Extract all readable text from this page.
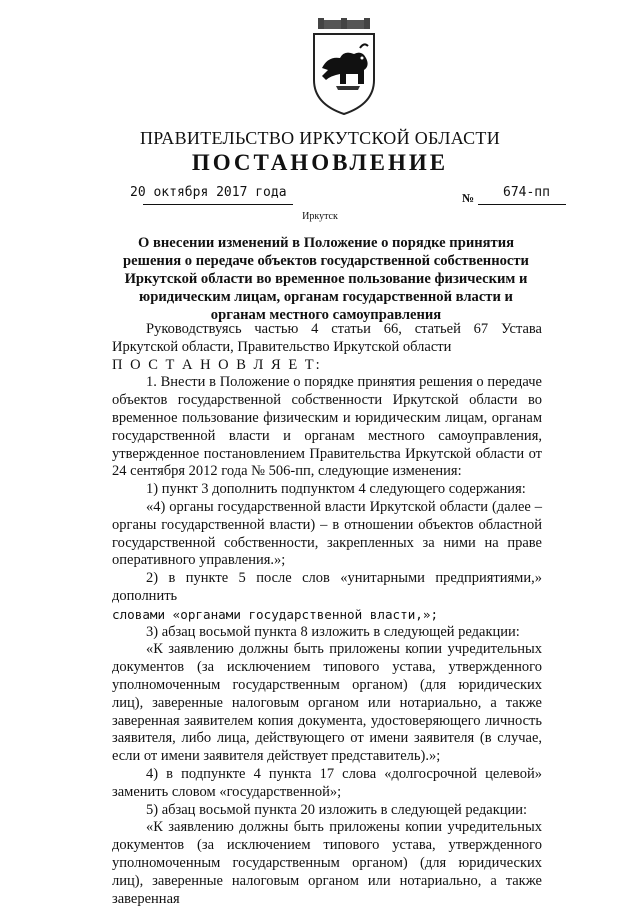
ПРАВИТЕЛЬСТВО ИРКУТСКОЙ ОБЛАСТИ
ПОСТАНОВЛЕНИЕ
20 октября 2017 года	№ 674-пп
Иркутск
О внесении изменений в Положение о порядке принятия решения о передаче объектов государственной собственности Иркутской области во временное пользование физическим и юридическим лицам, органам государственной власти и органам местного самоуправления

Руководствуясь частью 4 статьи 66, статьей 67 Устава Иркутской области, Правительство Иркутской области

П О С Т А Н О В Л Я Е Т:

1. Внести в Положение о порядке принятия решения о передаче объектов государственной собственности Иркутской области во временное пользование физическим и юридическим лицам, органам государственной власти и органам местного самоуправления, утвержденное постановлением Правительства Иркутской области от 24 сентября 2012 года № 506-пп, следующие изменения:

1) пункт 3 дополнить подпунктом 4 следующего содержания:

«4) органы государственной власти Иркутской области (далее – органы государственной власти) – в отношении объектов областной государственной собственности, закрепленных за ними на праве оперативного управления.»;

2) в пункте 5 после слов «унитарными предприятиями,» дополнить

словами «органами государственной власти,»;

3) абзац восьмой пункта 8 изложить в следующей редакции:

«К заявлению должны быть приложены копии учредительных документов (за исключением типового устава, утвержденного уполномоченным государственным органом) (для юридических лиц), заверенные налоговым органом или нотариально, а также заверенная заявителем копия документа, удостоверяющего личность заявителя, либо лица, действующего от имени заявителя (в случае, если от имени заявителя действует представитель).»;

4) в подпункте 4 пункта 17 слова «долгосрочной целевой» заменить словом «государственной»;

5) абзац восьмой пункта 20 изложить в следующей редакции:

«К заявлению должны быть приложены копии учредительных документов (за исключением типового устава, утвержденного уполномоченным государственным органом) (для юридических лиц), заверенные налоговым органом или нотариально, а также заверенная
